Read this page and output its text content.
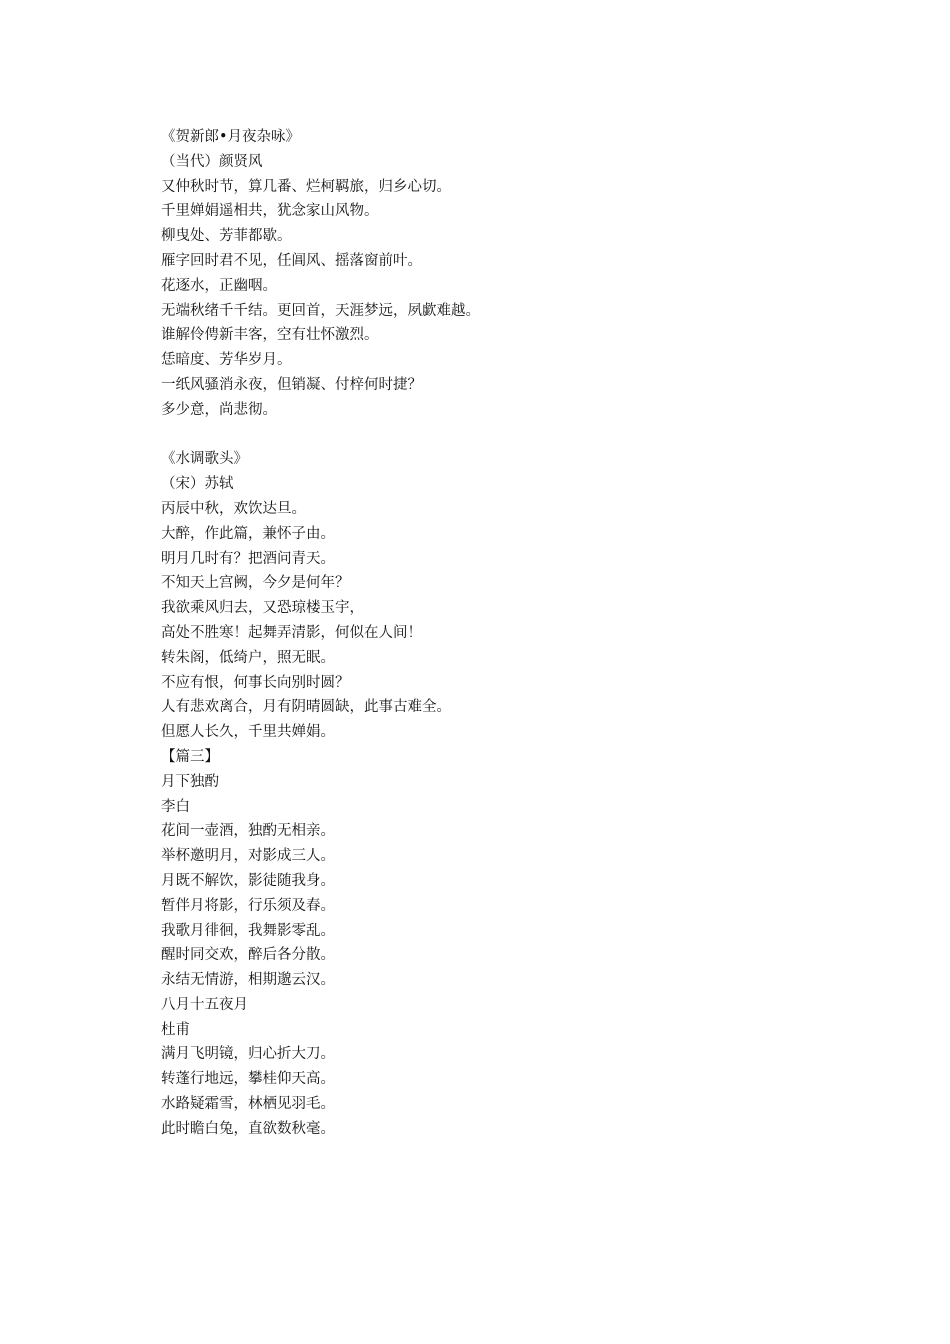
《贺新郎•月夜杂咏》
（当代）颜贤风
又仲秋时节，算几番、烂柯羁旅，归乡心切。
千里婵娟遥相共，犹念家山风物。
柳曳处、芳菲都歇。
雁字回时君不见，任阊风、摇落窗前叶。
花逐水，正幽咽。
无端秋绪千千结。更回首，天涯梦远，夙歔难越。
谁解伶俜新丰客，空有壮怀激烈。
恁暗度、芳华岁月。
一纸风骚消永夜，但销凝、付梓何时捷？
多少意，尚悲彻。
《水调歌头》
（宋）苏轼
丙辰中秋，欢饮达旦。
大醉，作此篇，兼怀子由。
明月几时有？把酒问青天。
不知天上宫阙，今夕是何年？
我欲乘风归去，又恐琼楼玉宇，
高处不胜寒！起舞弄清影，何似在人间！
转朱阁，低绮户，照无眠。
不应有恨，何事长向别时圆？
人有悲欢离合，月有阴晴圆缺，此事古难全。
但愿人长久，千里共婵娟。
【篇三】
月下独酌
李白
花间一壶酒，独酌无相亲。
举杯邀明月，对影成三人。
月既不解饮，影徒随我身。
暂伴月将影，行乐须及春。
我歌月徘徊，我舞影零乱。
醒时同交欢，醉后各分散。
永结无情游，相期邈云汉。
八月十五夜月
杜甫
满月飞明镜，归心折大刀。
转蓬行地远，攀桂仰天高。
水路疑霜雪，林栖见羽毛。
此时瞻白兔，直欲数秋毫。
